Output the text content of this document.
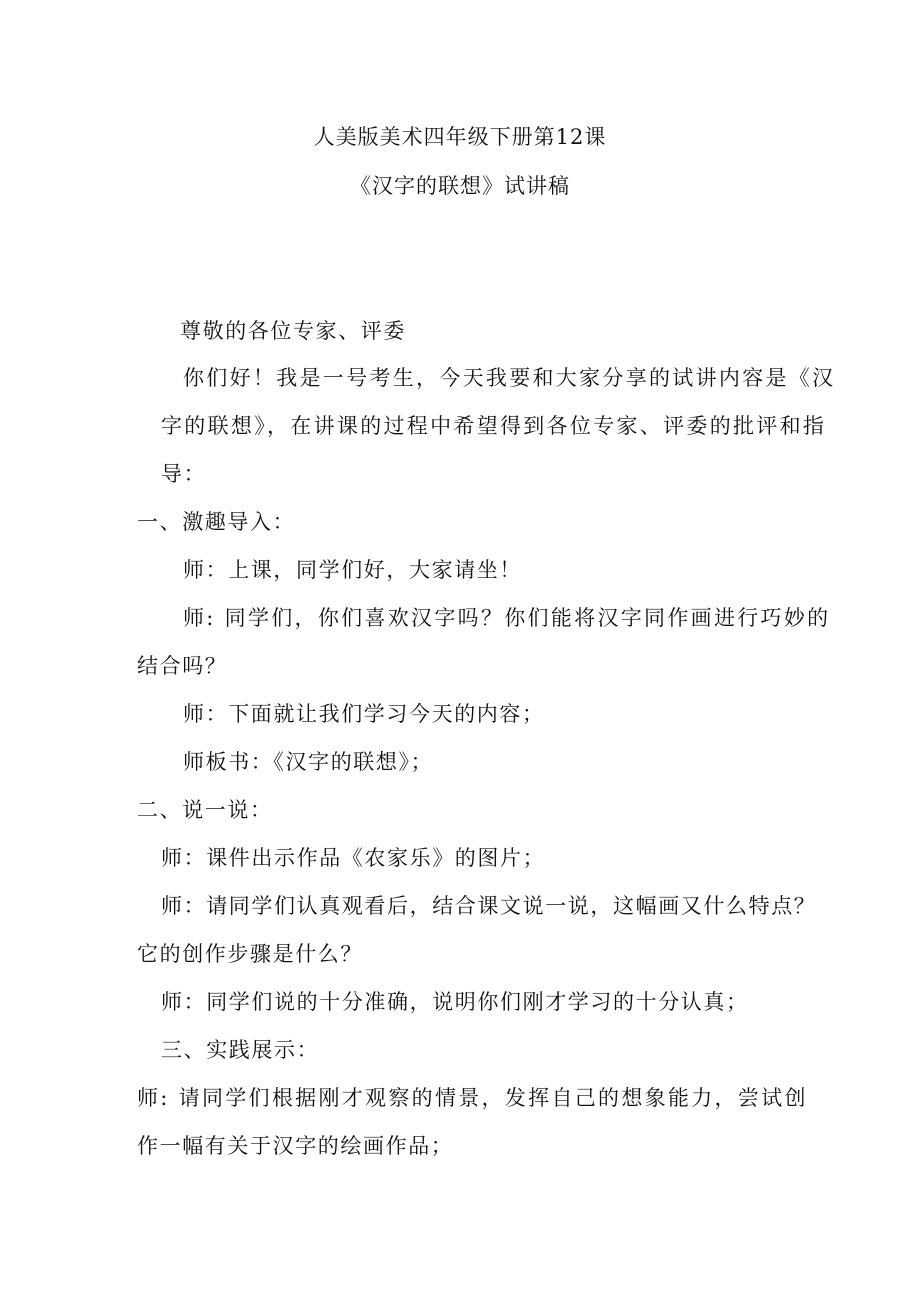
人美版美术四年级下册第12课
《汉字的联想》试讲稿
尊敬的各位专家、评委
你们好！我是一号考生，今天我要和大家分享的试讲内容是《汉
字的联想》，在讲课的过程中希望得到各位专家、评委的批评和指
导：
一、激趣导入：
师：上课，同学们好，大家请坐！
师: 同学们，你们喜欢汉字吗？你们能将汉字同作画进行巧妙的
结合吗？
师：下面就让我们学习今天的内容；
师板书：《汉字的联想》；
二、说一说：
师：课件出示作品《农家乐》的图片；
师：请同学们认真观看后，结合课文说一说，这幅画又什么特点？
它的创作步骤是什么？
师：同学们说的十分准确，说明你们刚才学习的十分认真；
三、实践展示：
师: 请同学们根据刚才观察的情景，发挥自己的想象能力，尝试创
作一幅有关于汉字的绘画作品；
